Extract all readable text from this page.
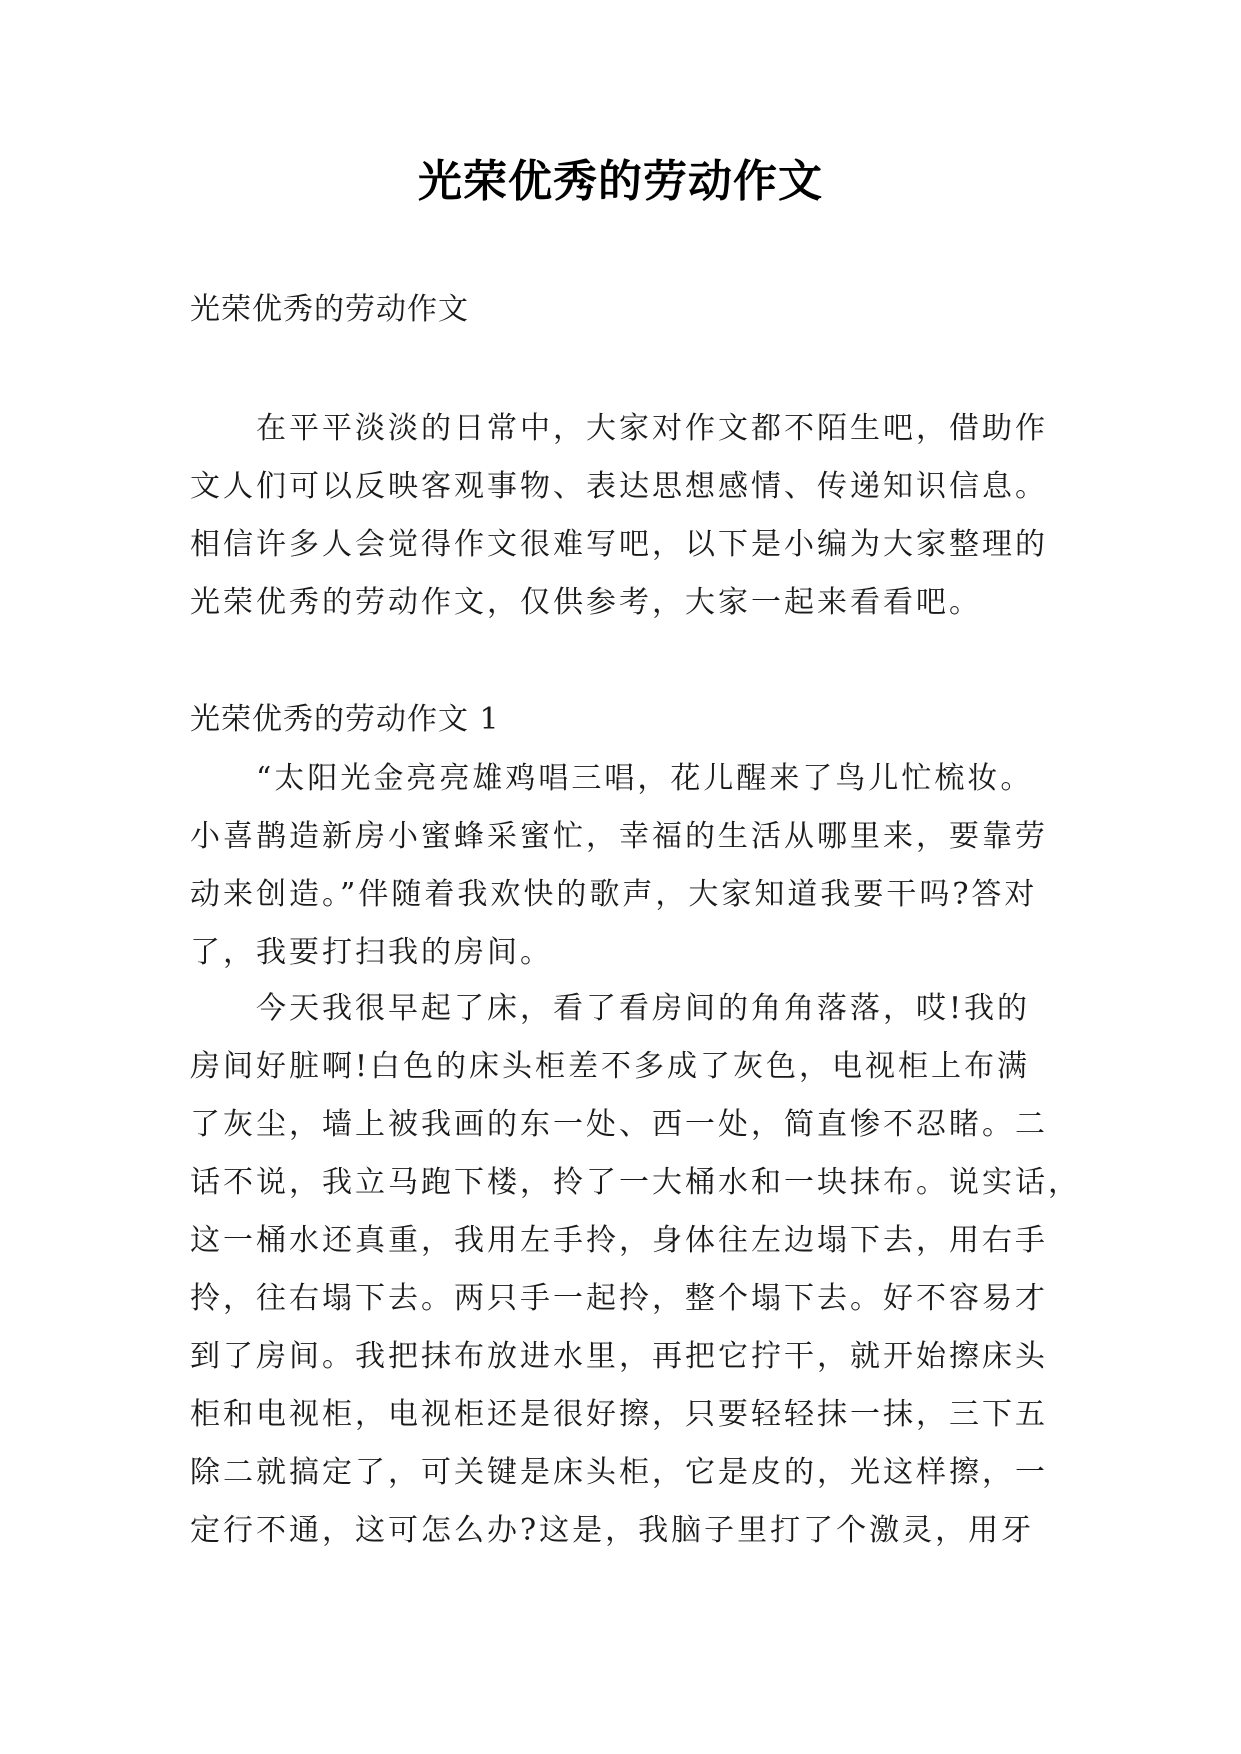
光荣优秀的劳动作文
光荣优秀的劳动作文
在平平淡淡的日常中，大家对作文都不陌生吧，借助作
文人们可以反映客观事物、表达思想感情、传递知识信息。
相信许多人会觉得作文很难写吧，以下是小编为大家整理的
光荣优秀的劳动作文，仅供参考，大家一起来看看吧。
光荣优秀的劳动作文 1
“太阳光金亮亮雄鸡唱三唱，花儿醒来了鸟儿忙梳妆。
小喜鹊造新房小蜜蜂采蜜忙，幸福的生活从哪里来，要靠劳
动来创造。”伴随着我欢快的歌声，大家知道我要干吗?答对
了，我要打扫我的房间。
今天我很早起了床，看了看房间的角角落落，哎!我的
房间好脏啊!白色的床头柜差不多成了灰色，电视柜上布满
了灰尘，墙上被我画的东一处、西一处，简直惨不忍睹。二
话不说，我立马跑下楼，拎了一大桶水和一块抹布。说实话，
这一桶水还真重，我用左手拎，身体往左边塌下去，用右手
拎，往右塌下去。两只手一起拎，整个塌下去。好不容易才
到了房间。我把抹布放进水里，再把它拧干，就开始擦床头
柜和电视柜，电视柜还是很好擦，只要轻轻抹一抹，三下五
除二就搞定了，可关键是床头柜，它是皮的，光这样擦，一
定行不通，这可怎么办?这是，我脑子里打了个激灵，用牙
